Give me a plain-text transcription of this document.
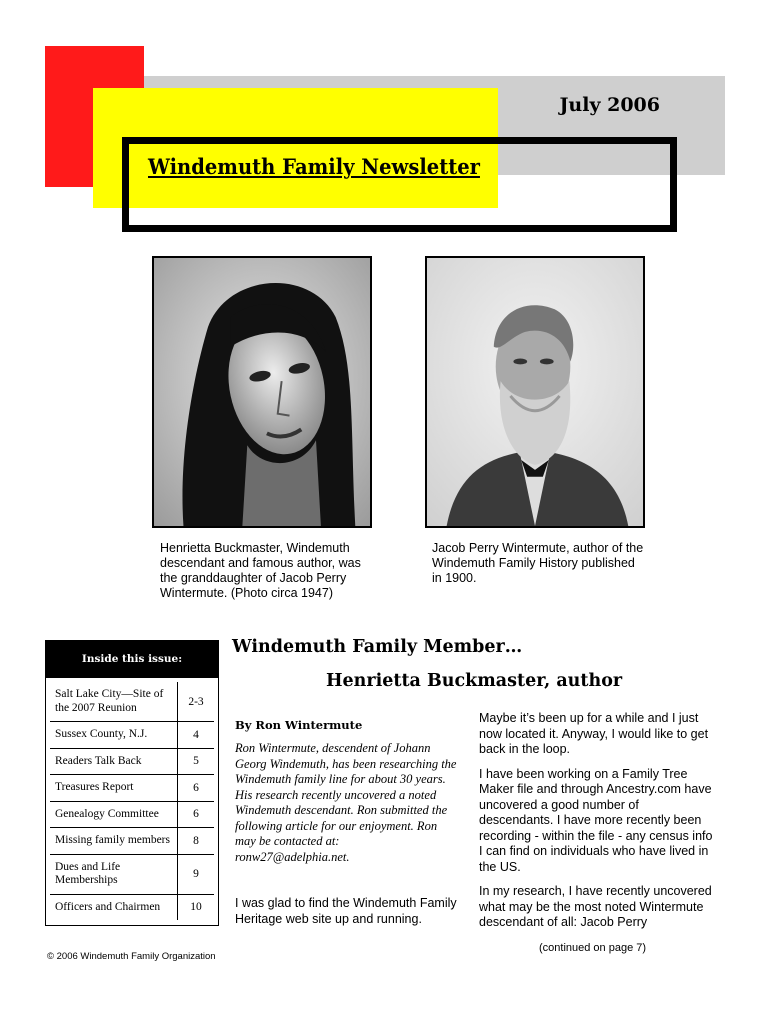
July 2006
Windemuth Family Newsletter
Henrietta Buckmaster, Windemuth descendant and famous author, was the granddaughter of Jacob Perry Wintermute. (Photo circa 1947)
Jacob Perry Wintermute, author of the Windemuth Family History published in 1900.
Inside this issue:
Salt Lake City—Site of the 2007 Reunion	2-3
Sussex County, N.J.	4
Readers Talk Back	5
Treasures Report	6
Genealogy Committee	6
Missing family members	8
Dues and Life Memberships	9
Officers and Chairmen	10
© 2006 Windemuth Family Organization
Windemuth Family Member…
Henrietta Buckmaster, author
By Ron Wintermute
Ron Wintermute, descendent of Johann Georg Windemuth, has been researching the Windemuth family line for about 30 years. His research recently uncovered a noted Windemuth descendant. Ron submitted the following article for our enjoyment. Ron may be contacted at: ronw27@adelphia.net.
I was glad to find the Windemuth Family Heritage web site up and running.

Maybe it’s been up for a while and I just now located it. Anyway, I would like to get back in the loop.

I have been working on a Family Tree Maker file and through Ancestry.com have uncovered a good number of descendants. I have more recently been recording - within the file - any census info I can find on individuals who have lived in the US.

In my research, I have recently uncovered what may be the most noted Wintermute descendant of all: Jacob Perry

(continued on page 7)
